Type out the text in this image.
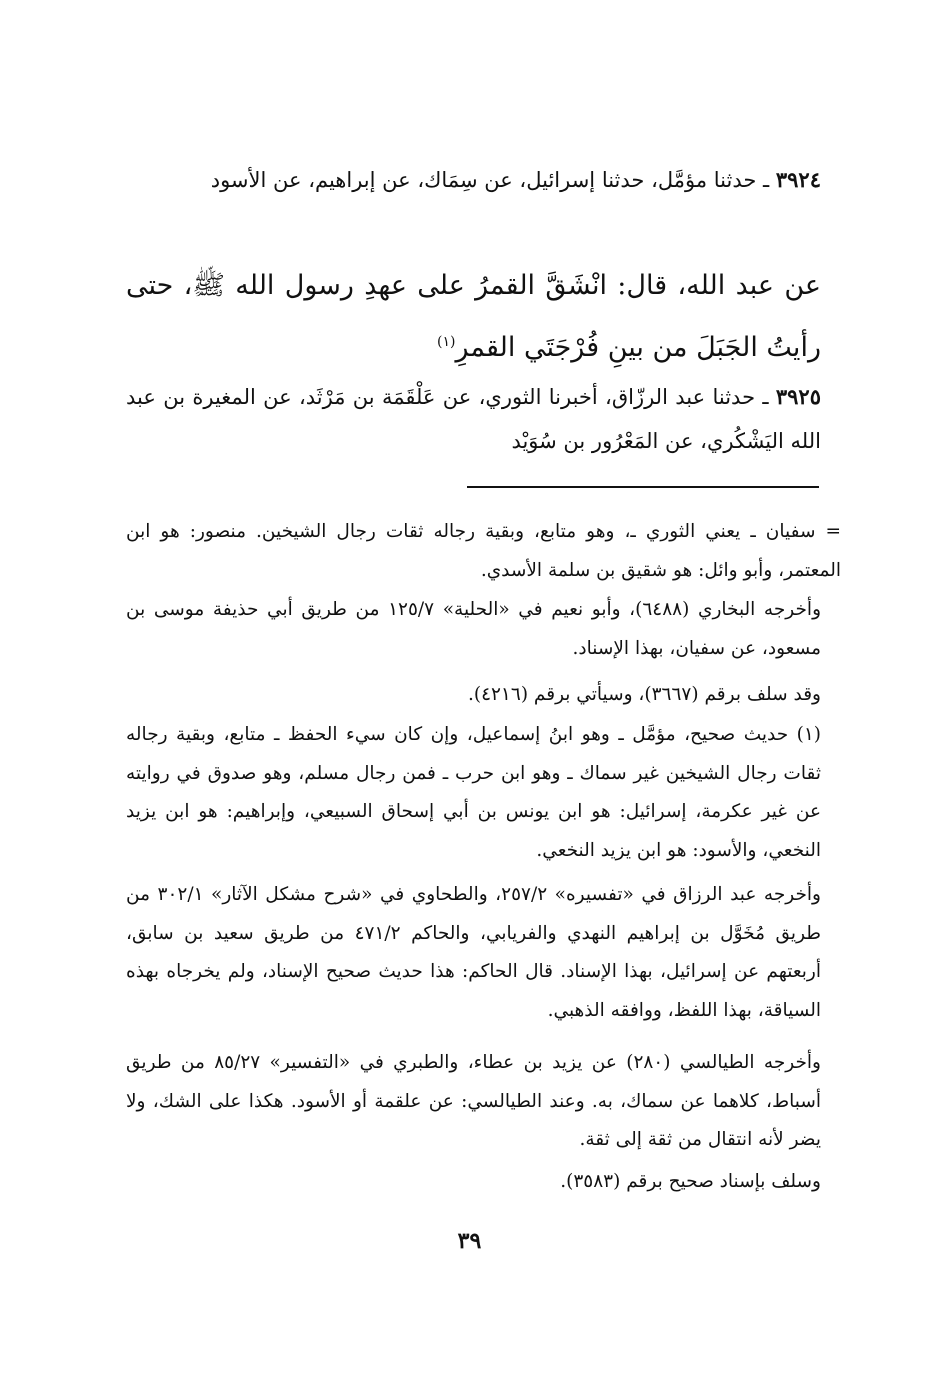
٣٩٢٤ ـ حدثنا مؤمَّل، حدثنا إسرائيل، عن سِمَاك، عن إبراهيم، عن الأسود

عن عبد الله، قال: انْشَقَّ القمرُ على عهدِ رسول الله ﷺ، حتى رأيتُ الجَبَلَ من بينِ فُرْجَتَي القمرِ$^{(١)}$

٣٩٢٥ ـ حدثنا عبد الرزّاق، أخبرنا الثوري، عن عَلْقَمَة بن مَرْثَد، عن المغيرة بن عبد الله اليَشْكُري، عن المَعْرُور بن سُوَيْد

= سفيان ـ يعني الثوري ـ، وهو متابع، وبقية رجاله ثقات رجال الشيخين. منصور: هو ابن المعتمر، وأبو وائل: هو شقيق بن سلمة الأسدي.

وأخرجه البخاري (٦٤٨٨)، وأبو نعيم في «الحلية» ١٢٥/٧ من طريق أبي حذيفة موسى بن مسعود، عن سفيان، بهذا الإسناد.

وقد سلف برقم (٣٦٦٧)، وسيأتي برقم (٤٢١٦).

(١) حديث صحيح، مؤمَّل ـ وهو ابنُ إسماعيل، وإن كان سيء الحفظ ـ متابع، وبقية رجاله ثقات رجال الشيخين غير سماك ـ وهو ابن حرب ـ فمن رجال مسلم، وهو صدوق في روايته عن غير عكرمة، إسرائيل: هو ابن يونس بن أبي إسحاق السبيعي، وإبراهيم: هو ابن يزيد النخعي، والأسود: هو ابن يزيد النخعي.

وأخرجه عبد الرزاق في «تفسيره» ٢٥٧/٢، والطحاوي في «شرح مشكل الآثار» ٣٠٢/١ من طريق مُخَوَّل بن إبراهيم النهدي والفريابي، والحاكم ٤٧١/٢ من طريق سعيد بن سابق، أربعتهم عن إسرائيل، بهذا الإسناد. قال الحاكم: هذا حديث صحيح الإسناد، ولم يخرجاه بهذه السياقة، بهذا اللفظ، ووافقه الذهبي.

وأخرجه الطيالسي (٢٨٠) عن يزيد بن عطاء، والطبري في «التفسير» ٨٥/٢٧ من طريق أسباط، كلاهما عن سماك، به. وعند الطيالسي: عن علقمة أو الأسود. هكذا على الشك، ولا يضر لأنه انتقال من ثقة إلى ثقة.

وسلف بإسناد صحيح برقم (٣٥٨٣).

٣٩
